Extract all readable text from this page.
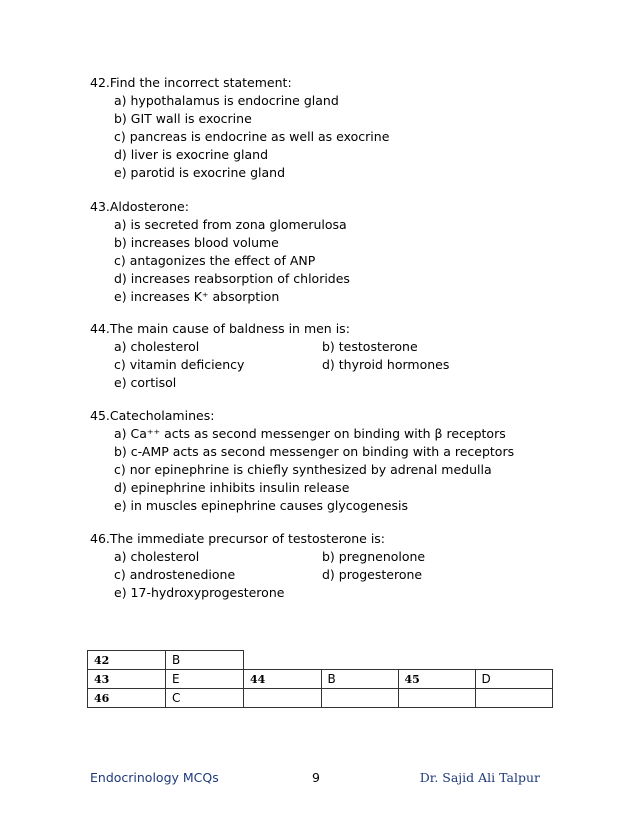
42.Find the incorrect statement:

a) hypothalamus is endocrine gland

b) GIT wall is exocrine

c) pancreas is endocrine as well as exocrine

d) liver is exocrine gland

e) parotid is exocrine gland

43.Aldosterone:

a) is secreted from zona glomerulosa

b) increases blood volume

c) antagonizes the effect of ANP

d) increases reabsorption of chlorides

e) increases K⁺ absorption

44.The main cause of baldness in men is:

a) cholesterol	b) testosterone
c) vitamin deficiency	d) thyroid hormones

e) cortisol

45.Catecholamines:

a) Ca⁺⁺ acts as second messenger on binding with β receptors

b) c-AMP acts as second messenger on binding with a receptors

c) nor epinephrine is chiefly synthesized by adrenal medulla

d) epinephrine inhibits insulin release

e) in muscles epinephrine causes glycogenesis

46.The immediate precursor of testosterone is:

a) cholesterol	b) pregnenolone
c) androstenedione	d) progesterone

e) 17-hydroxyprogesterone

42	B				
43	E	44	B	45	D
46	C				
Endocrinology MCQs	9	Dr. Sajid Ali Talpur
